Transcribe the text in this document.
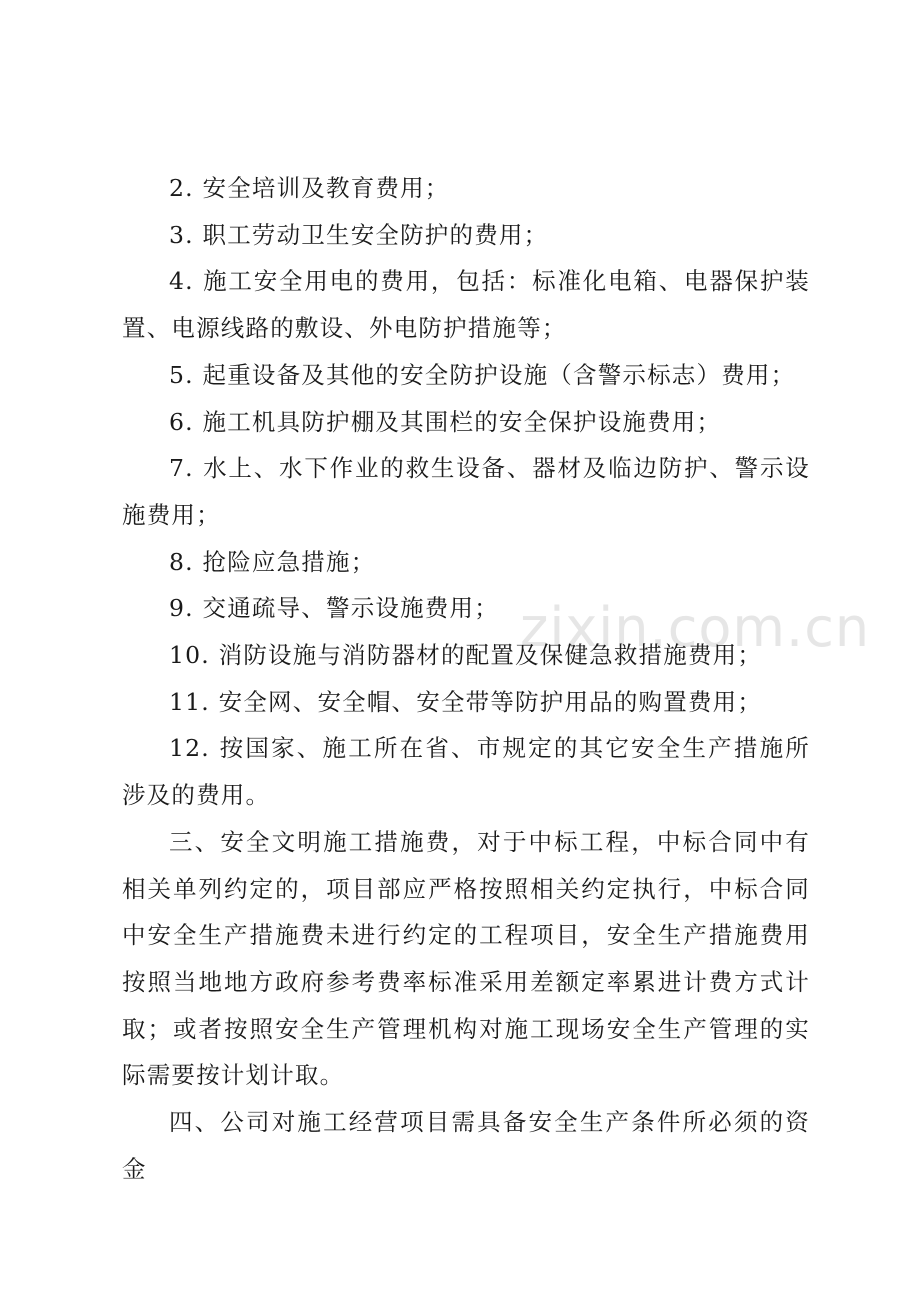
zixin.com.cn

2. 安全培训及教育费用；

3. 职工劳动卫生安全防护的费用；

4. 施工安全用电的费用，包括：标准化电箱、电器保护装置、电源线路的敷设、外电防护措施等；

5. 起重设备及其他的安全防护设施（含警示标志）费用；

6. 施工机具防护棚及其围栏的安全保护设施费用；

7. 水上、水下作业的救生设备、器材及临边防护、警示设施费用；

8. 抢险应急措施；

9. 交通疏导、警示设施费用；

10. 消防设施与消防器材的配置及保健急救措施费用；

11. 安全网、安全帽、安全带等防护用品的购置费用；

12. 按国家、施工所在省、市规定的其它安全生产措施所涉及的费用。

三、安全文明施工措施费，对于中标工程，中标合同中有相关单列约定的，项目部应严格按照相关约定执行，中标合同中安全生产措施费未进行约定的工程项目，安全生产措施费用按照当地地方政府参考费率标准采用差额定率累进计费方式计取；或者按照安全生产管理机构对施工现场安全生产管理的实际需要按计划计取。

四、公司对施工经营项目需具备安全生产条件所必须的资金
